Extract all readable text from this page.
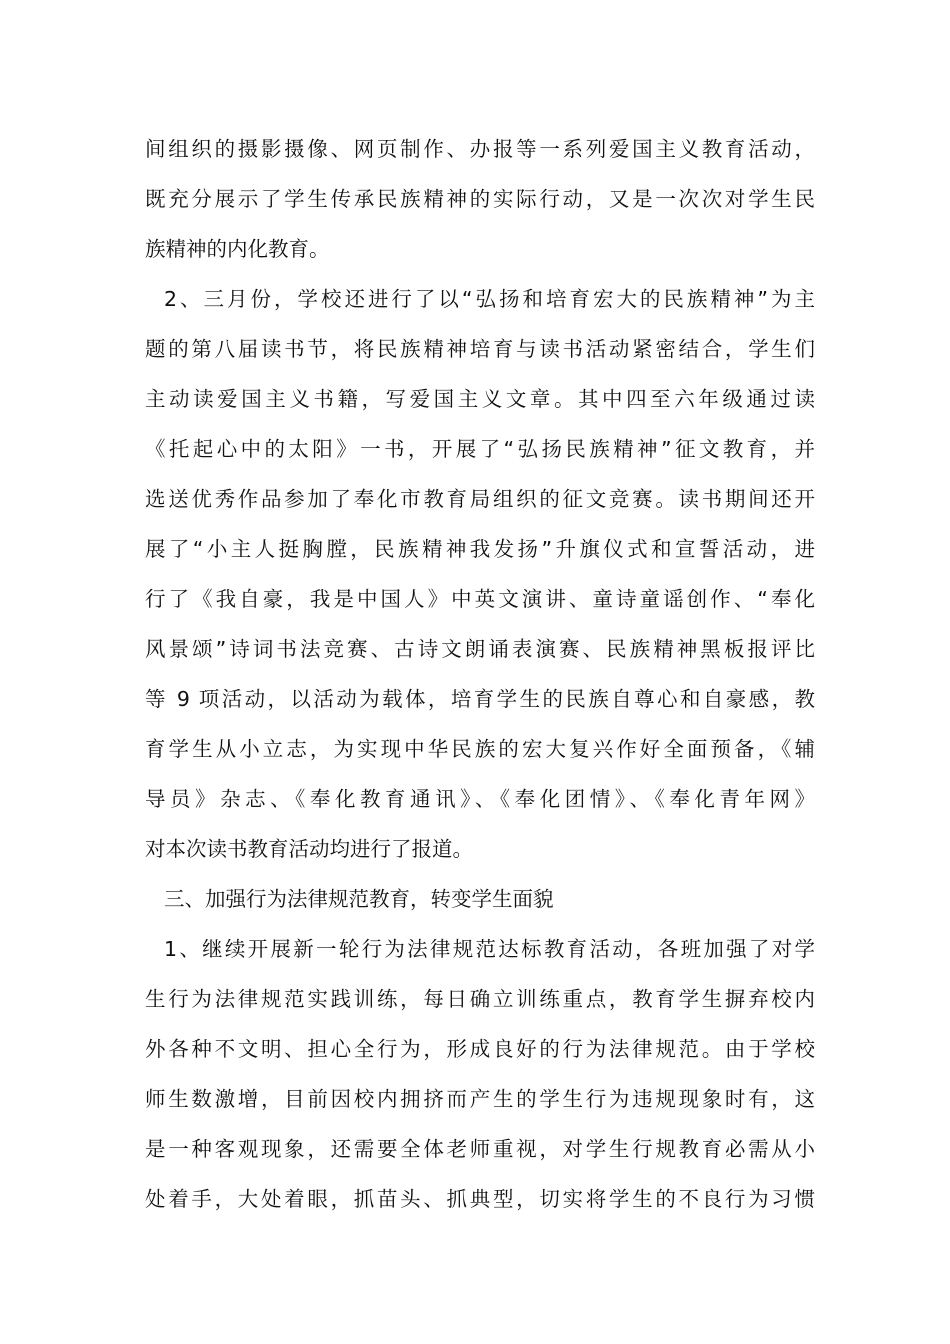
间组织的摄影摄像、网页制作、办报等一系列爱国主义教育活动，
既充分展示了学生传承民族精神的实际行动，又是一次次对学生民
族精神的内化教育。
2、三月份，学校还进行了以“弘扬和培育宏大的民族精神”为主
题的第八届读书节，将民族精神培育与读书活动紧密结合，学生们
主动读爱国主义书籍，写爱国主义文章。其中四至六年级通过读
《托起心中的太阳》一书，开展了“弘扬民族精神”征文教育，并
选送优秀作品参加了奉化市教育局组织的征文竞赛。读书期间还开
展了“小主人挺胸膛，民族精神我发扬”升旗仪式和宣誓活动，进
行了《我自豪，我是中国人》中英文演讲、童诗童谣创作、“奉化
风景颂”诗词书法竞赛、古诗文朗诵表演赛、民族精神黑板报评比
等 9 项活动，以活动为载体，培育学生的民族自尊心和自豪感，教
育学生从小立志，为实现中华民族的宏大复兴作好全面预备，《辅
导员》杂志、《奉化教育通讯》、《奉化团情》、《奉化青年网》
对本次读书教育活动均进行了报道。
三、加强行为法律规范教育，转变学生面貌
1、继续开展新一轮行为法律规范达标教育活动，各班加强了对学
生行为法律规范实践训练，每日确立训练重点，教育学生摒弃校内
外各种不文明、担心全行为，形成良好的行为法律规范。由于学校
师生数激增，目前因校内拥挤而产生的学生行为违规现象时有，这
是一种客观现象，还需要全体老师重视，对学生行规教育必需从小
处着手，大处着眼，抓苗头、抓典型，切实将学生的不良行为习惯
